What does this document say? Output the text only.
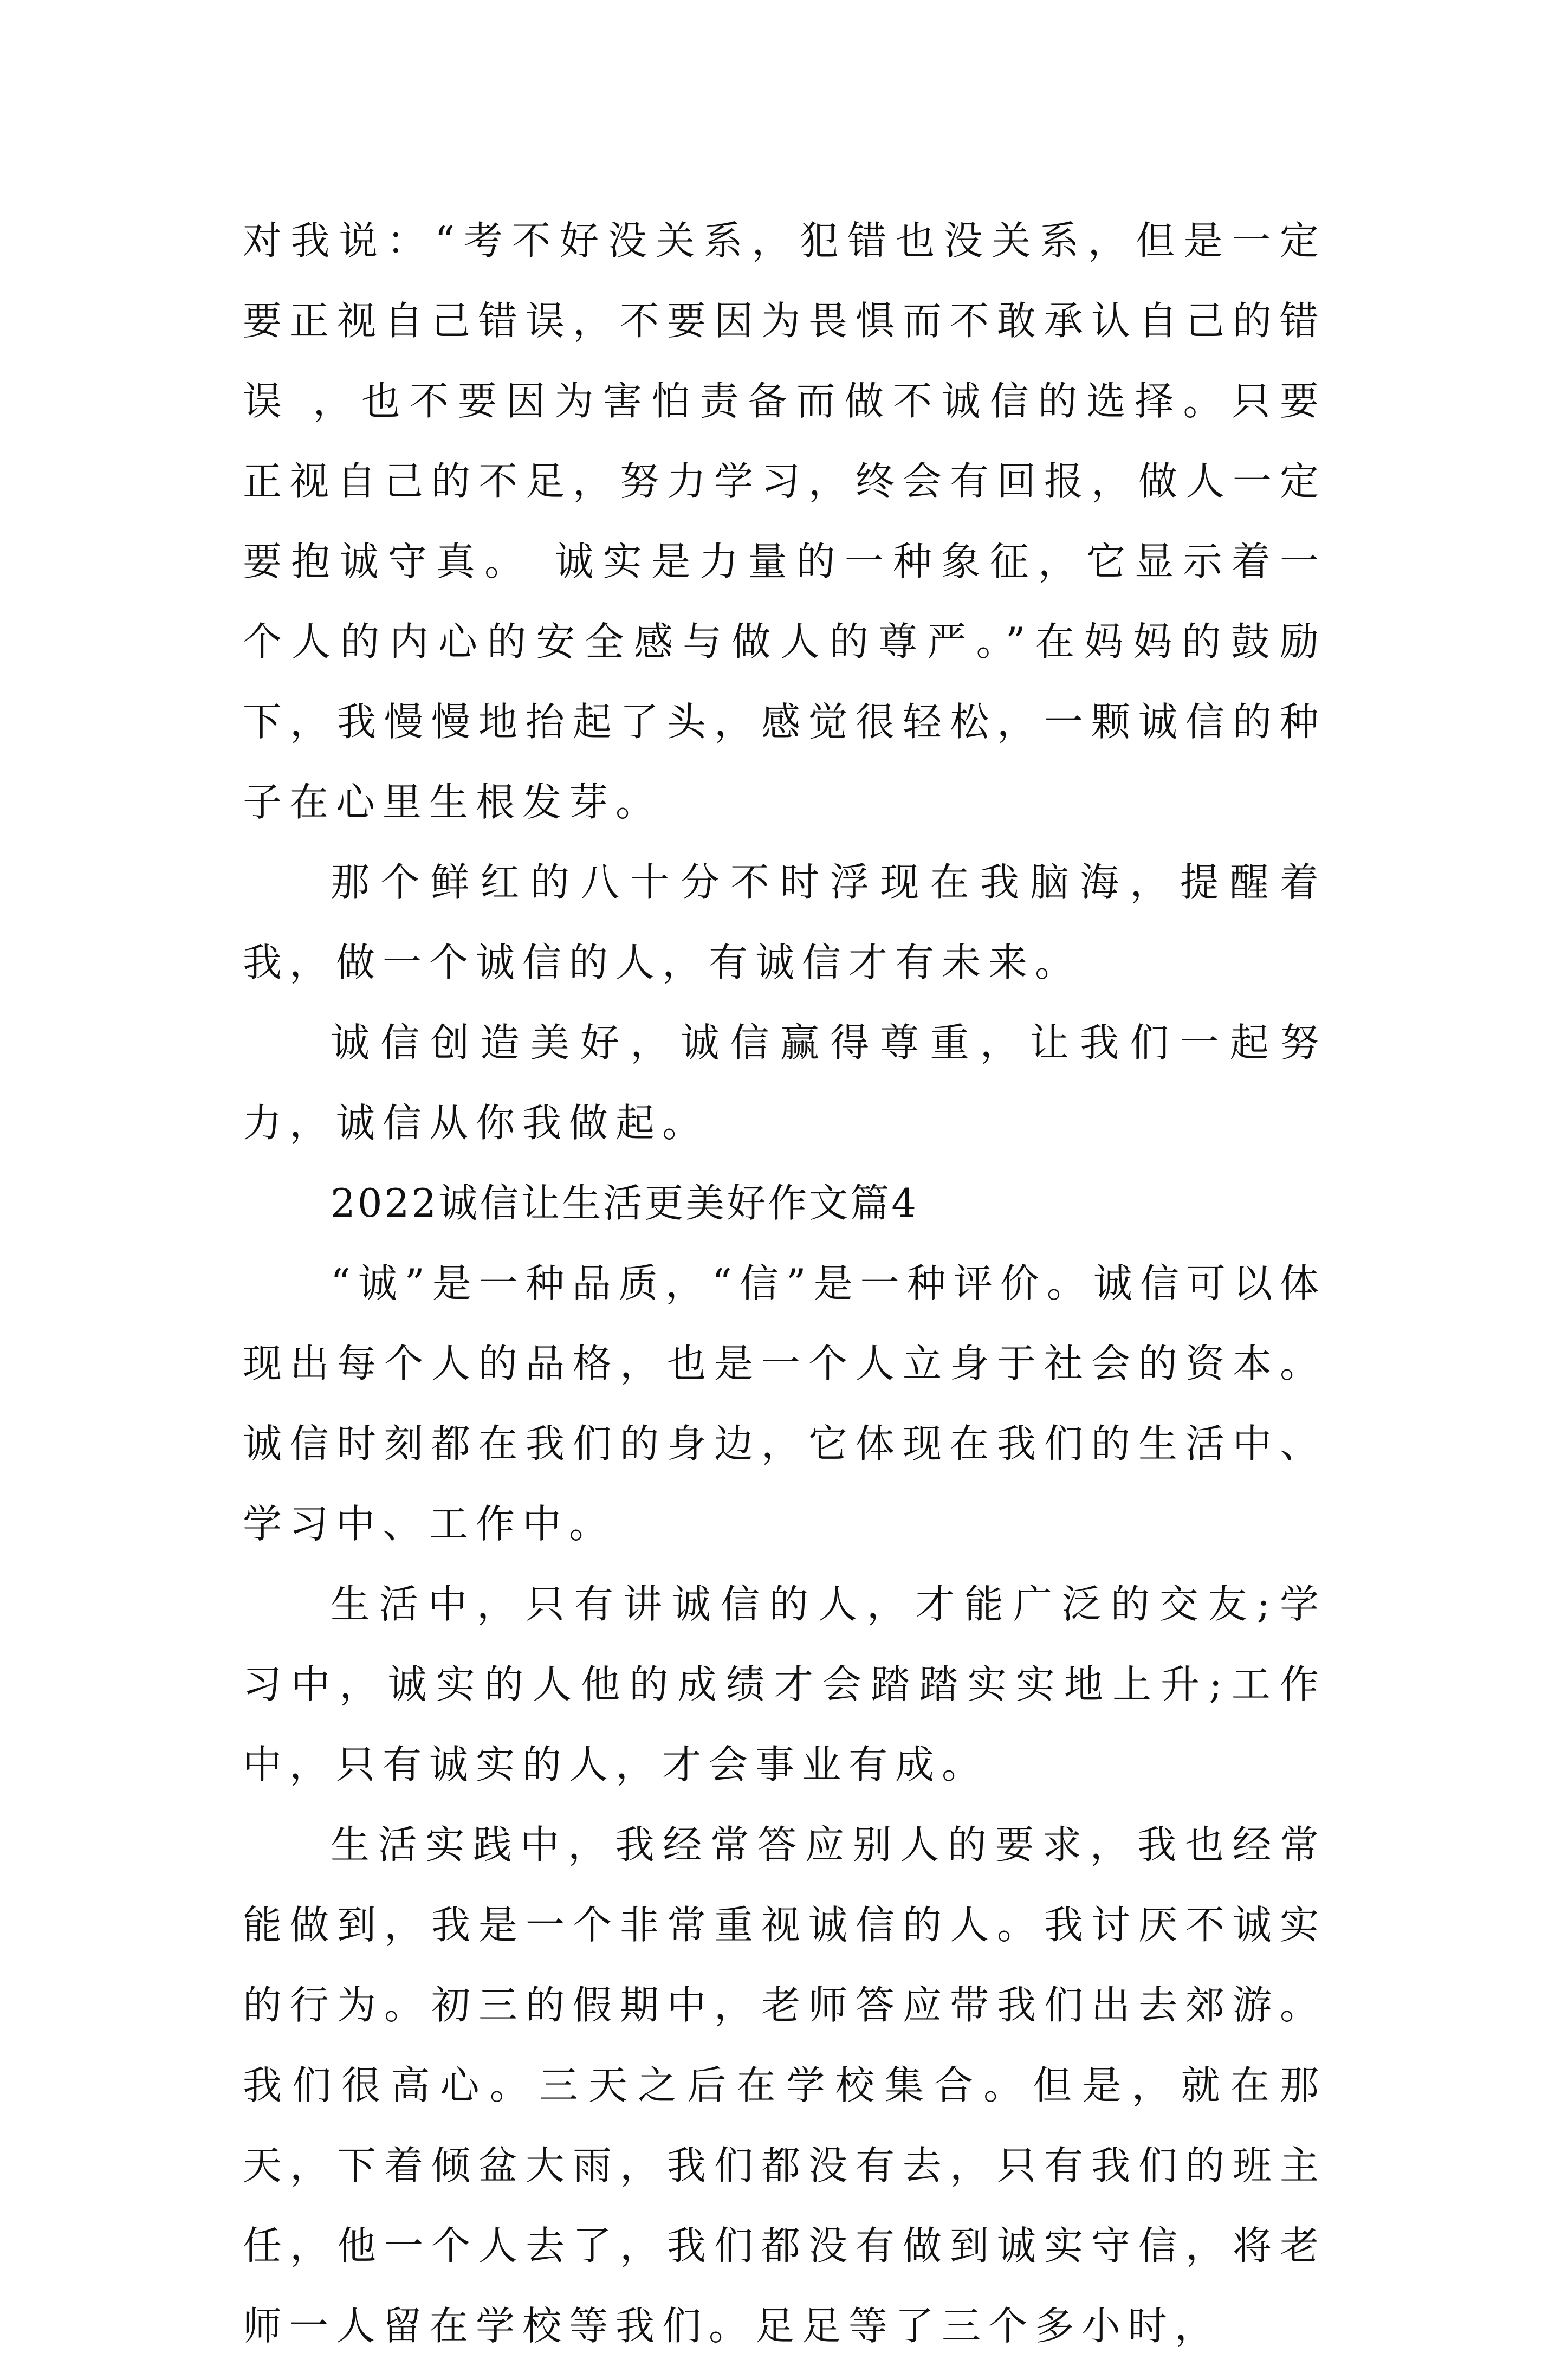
对我说：“考不好没关系，犯错也没关系，但是一定要正视自己错误，不要因为畏惧而不敢承认自己的错误 ，也不要因为害怕责备而做不诚信的选择。只要正视自己的不足，努力学习，终会有回报，做人一定要抱诚守真。 诚实是力量的一种象征，它显示着一个人的内心的安全感与做人的尊严。”在妈妈的鼓励下，我慢慢地抬起了头，感觉很轻松，一颗诚信的种子在心里生根发芽。

那个鲜红的八十分不时浮现在我脑海，提醒着我，做一个诚信的人，有诚信才有未来。

诚信创造美好，诚信赢得尊重，让我们一起努力，诚信从你我做起。

2022诚信让生活更美好作文篇4

“诚”是一种品质，“信”是一种评价。诚信可以体现出每个人的品格，也是一个人立身于社会的资本。诚信时刻都在我们的身边，它体现在我们的生活中、学习中、工作中。

生活中，只有讲诚信的人，才能广泛的交友;学习中，诚实的人他的成绩才会踏踏实实地上升;工作中，只有诚实的人，才会事业有成。

生活实践中，我经常答应别人的要求，我也经常能做到，我是一个非常重视诚信的人。我讨厌不诚实的行为。初三的假期中，老师答应带我们出去郊游。我们很高心。三天之后在学校集合。但是，就在那天，下着倾盆大雨，我们都没有去，只有我们的班主任，他一个人去了，我们都没有做到诚实守信，将老师一人留在学校等我们。足足等了三个多小时，
